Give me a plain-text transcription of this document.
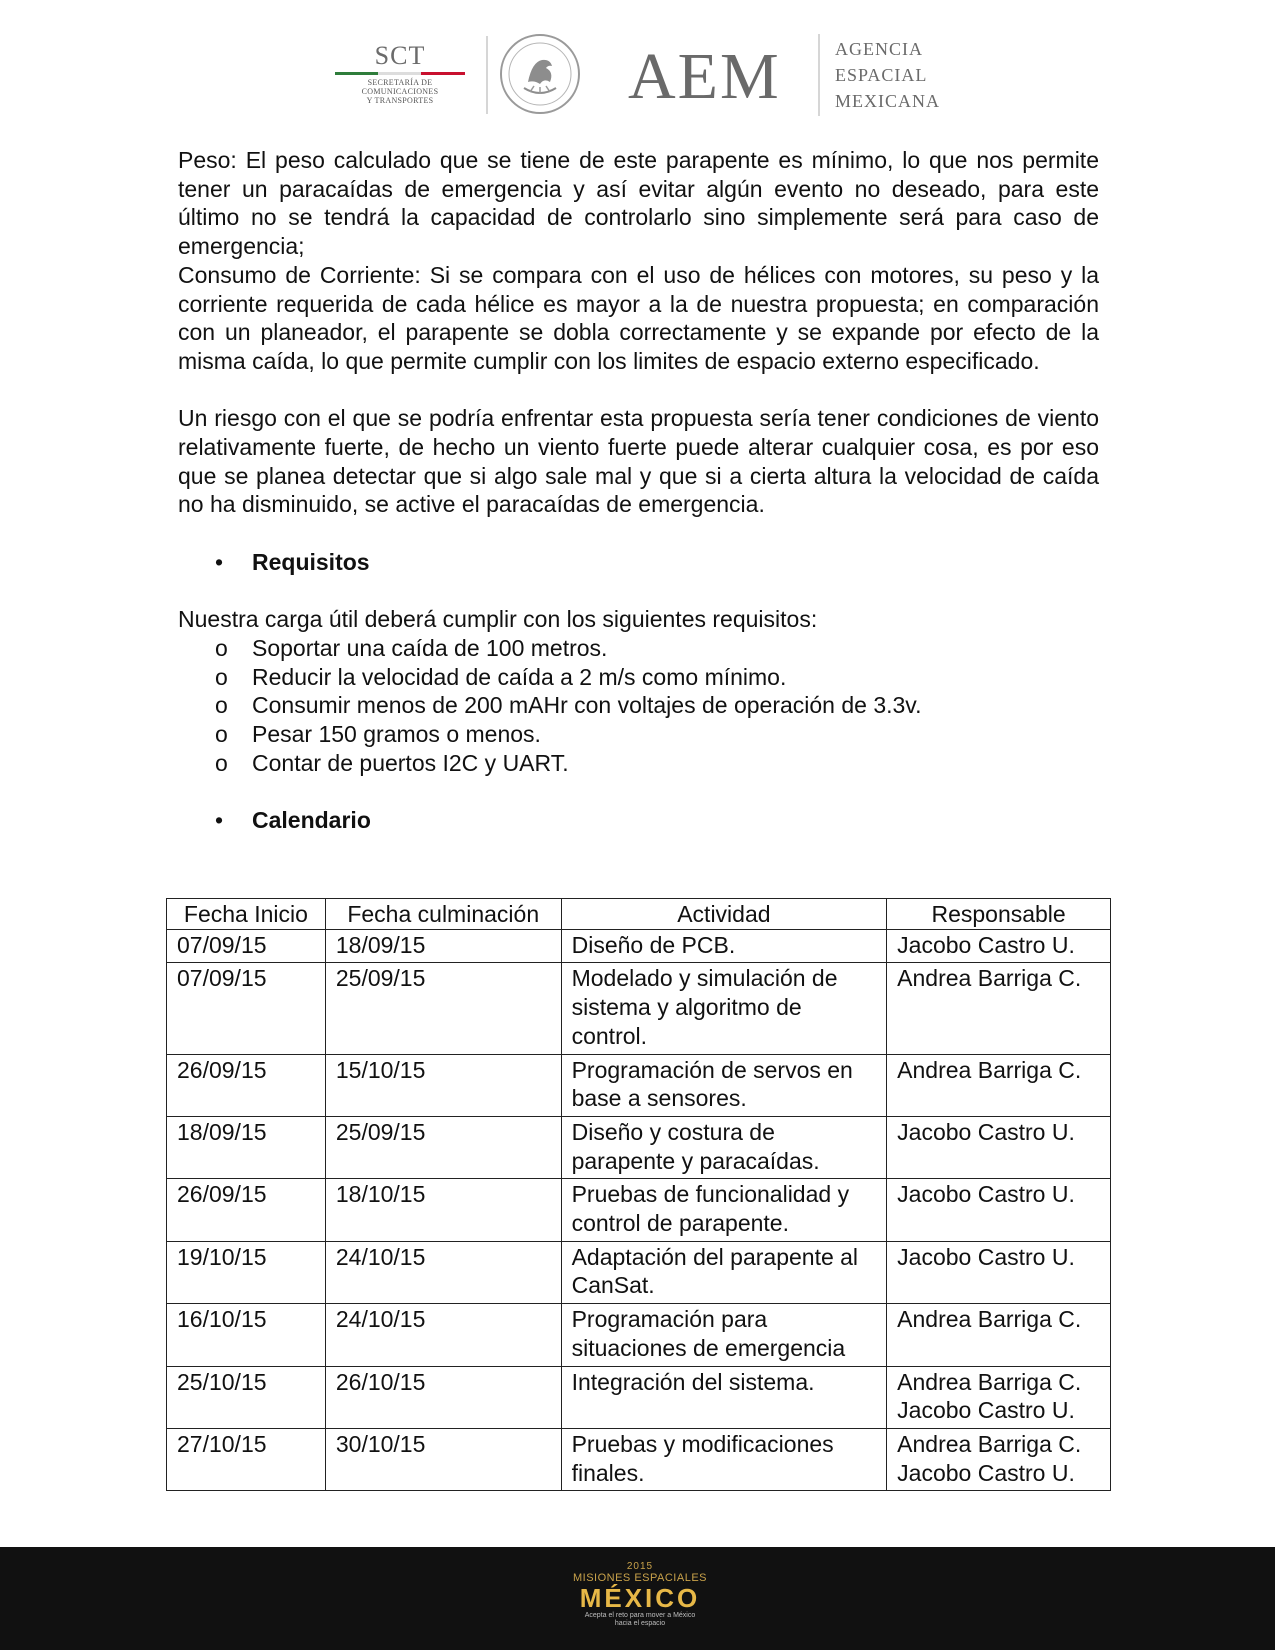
SCT
SECRETARÍA DE
COMUNICACIONES
Y TRANSPORTES	AEM	AGENCIA
ESPACIAL
MEXICANA

Peso: El peso calculado que se tiene de este parapente es mínimo, lo que nos permite tener un paracaídas de emergencia y así evitar algún evento no deseado, para este último no se tendrá la capacidad de controlarlo sino simplemente será para caso de emergencia;

Consumo de Corriente: Si se compara con el uso de hélices con motores, su peso y la corriente requerida de cada hélice es mayor a la de nuestra propuesta; en comparación con un planeador, el parapente se dobla correctamente y se expande por efecto de la misma caída, lo que permite cumplir con los limites de espacio externo especificado.

Un riesgo con el que se podría enfrentar esta propuesta sería tener condiciones de viento relativamente fuerte, de hecho un viento fuerte puede alterar cualquier cosa, es por eso que se planea detectar que si algo sale mal y que si a cierta altura la velocidad de caída no ha disminuido, se active el paracaídas de emergencia.

• Requisitos

Nuestra carga útil deberá cumplir con los siguientes requisitos:

o Soportar una caída de 100 metros.

o Reducir la velocidad de caída a 2 m/s como mínimo.

o Consumir menos de 200 mAHr con voltajes de operación de 3.3v.

o Pesar 150 gramos o menos.

o Contar de puertos I2C y UART.

• Calendario

Fecha Inicio	Fecha culminación	Actividad	Responsable
07/09/15	18/09/15	Diseño de PCB.	Jacobo Castro U.
07/09/15	25/09/15	Modelado y simulación de sistema y algoritmo de control.	Andrea Barriga C.
26/09/15	15/10/15	Programación de servos en base a sensores.	Andrea Barriga C.
18/09/15	25/09/15	Diseño y costura de parapente y paracaídas.	Jacobo Castro U.
26/09/15	18/10/15	Pruebas de funcionalidad y control de parapente.	Jacobo Castro U.
19/10/15	24/10/15	Adaptación del parapente al CanSat.	Jacobo Castro U.
16/10/15	24/10/15	Programación para situaciones de emergencia	Andrea Barriga C.
25/10/15	26/10/15	Integración del sistema.	Andrea Barriga C. Jacobo Castro U.
27/10/15	30/10/15	Pruebas y modificaciones finales.	Andrea Barriga C. Jacobo Castro U.
2015
MISIONES ESPACIALES
MÉXICO
Acepta el reto para mover a México
hacia el espacio
